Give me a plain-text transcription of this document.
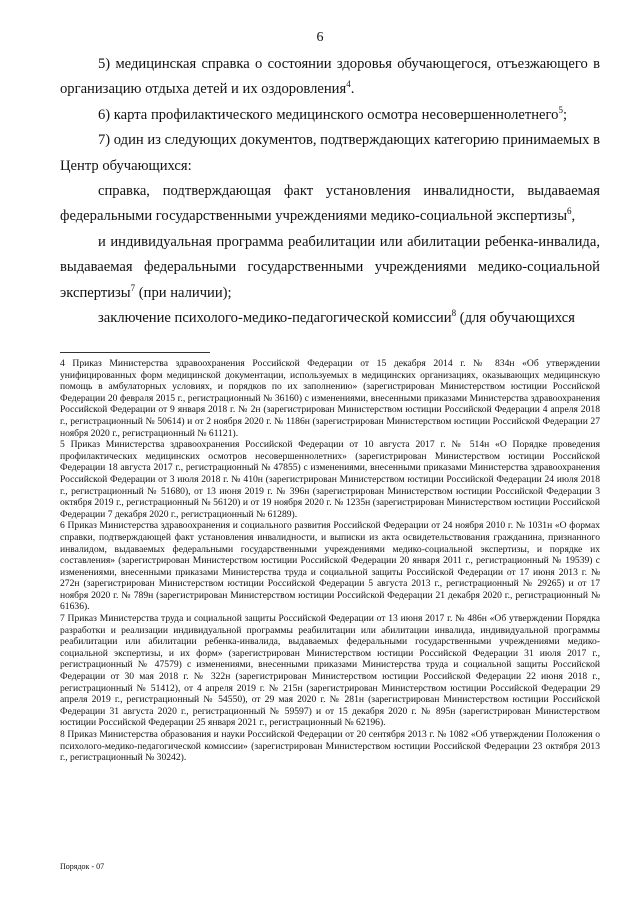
6

5) медицинская справка о состоянии здоровья обучающегося, отъезжающего в организацию отдыха детей и их оздоровления$^4$.

6) карта профилактического медицинского осмотра несовершеннолетнего$^5$;

7) один из следующих документов, подтверждающих категорию принимаемых в Центр обучающихся:

справка, подтверждающая факт установления инвалидности, выдаваемая федеральными государственными учреждениями медико-социальной экспертизы$^6$,

и индивидуальная программа реабилитации или абилитации ребенка-инвалида, выдаваемая федеральными государственными учреждениями медико-социальной экспертизы$^7$ (при наличии);

заключение психолого-медико-педагогической комиссии$^8$ (для обучающихся

4 Приказ Министерства здравоохранения Российской Федерации от 15 декабря 2014 г. № 834н «Об утверждении унифицированных форм медицинской документации, используемых в медицинских организациях, оказывающих медицинскую помощь в амбулаторных условиях, и порядков по их заполнению» (зарегистрирован Министерством юстиции Российской Федерации 20 февраля 2015 г., регистрационный № 36160) с изменениями, внесенными приказами Министерства здравоохранения Российской Федерации от 9 января 2018 г. № 2н (зарегистрирован Министерством юстиции Российской Федерации 4 апреля 2018 г., регистрационный № 50614) и от 2 ноября 2020 г. № 1186н (зарегистрирован Министерством юстиции Российской Федерации 27 ноября 2020 г., регистрационный № 61121).

5 Приказ Министерства здравоохранения Российской Федерации от 10 августа 2017 г. № 514н «О Порядке проведения профилактических медицинских осмотров несовершеннолетних» (зарегистрирован Министерством юстиции Российской Федерации 18 августа 2017 г., регистрационный № 47855) с изменениями, внесенными приказами Министерства здравоохранения Российской Федерации от 3 июля 2018 г. № 410н (зарегистрирован Министерством юстиции Российской Федерации 24 июля 2018 г., регистрационный № 51680), от 13 июня 2019 г. № 396н (зарегистрирован Министерством юстиции Российской Федерации 3 октября 2019 г., регистрационный № 56120) и от 19 ноября 2020 г. № 1235н (зарегистрирован Министерством юстиции Российской Федерации 7 декабря 2020 г., регистрационный № 61289).

6 Приказ Министерства здравоохранения и социального развития Российской Федерации от 24 ноября 2010 г. № 1031н «О формах справки, подтверждающей факт установления инвалидности, и выписки из акта освидетельствования гражданина, признанного инвалидом, выдаваемых федеральными государственными учреждениями медико-социальной экспертизы, и порядке их составления» (зарегистрирован Министерством юстиции Российской Федерации 20 января 2011 г., регистрационный № 19539) с изменениями, внесенными приказами Министерства труда и социальной защиты Российской Федерации от 17 июня 2013 г. № 272н (зарегистрирован Министерством юстиции Российской Федерации 5 августа 2013 г., регистрационный № 29265) и от 17 ноября 2020 г. № 789н (зарегистрирован Министерством юстиции Российской Федерации 21 декабря 2020 г., регистрационный № 61636).

7 Приказ Министерства труда и социальной защиты Российской Федерации от 13 июня 2017 г. № 486н «Об утверждении Порядка разработки и реализации индивидуальной программы реабилитации или абилитации инвалида, индивидуальной программы реабилитации или абилитации ребенка-инвалида, выдаваемых федеральными государственными учреждениями медико-социальной экспертизы, и их форм» (зарегистрирован Министерством юстиции Российской Федерации 31 июля 2017 г., регистрационный № 47579) с изменениями, внесенными приказами Министерства труда и социальной защиты Российской Федерации от 30 мая 2018 г. № 322н (зарегистрирован Министерством юстиции Российской Федерации 22 июня 2018 г., регистрационный № 51412), от 4 апреля 2019 г. № 215н (зарегистрирован Министерством юстиции Российской Федерации 29 апреля 2019 г., регистрационный № 54550), от 29 мая 2020 г. № 281н (зарегистрирован Министерством юстиции Российской Федерации 31 августа 2020 г., регистрационный № 59597) и от 15 декабря 2020 г. № 895н (зарегистрирован Министерством юстиции Российской Федерации 25 января 2021 г., регистрационный № 62196).

8 Приказ Министерства образования и науки Российской Федерации от 20 сентября 2013 г. № 1082 «Об утверждении Положения о психолого-медико-педагогической комиссии» (зарегистрирован Министерством юстиции Российской Федерации 23 октября 2013 г., регистрационный № 30242).

Порядок - 07
